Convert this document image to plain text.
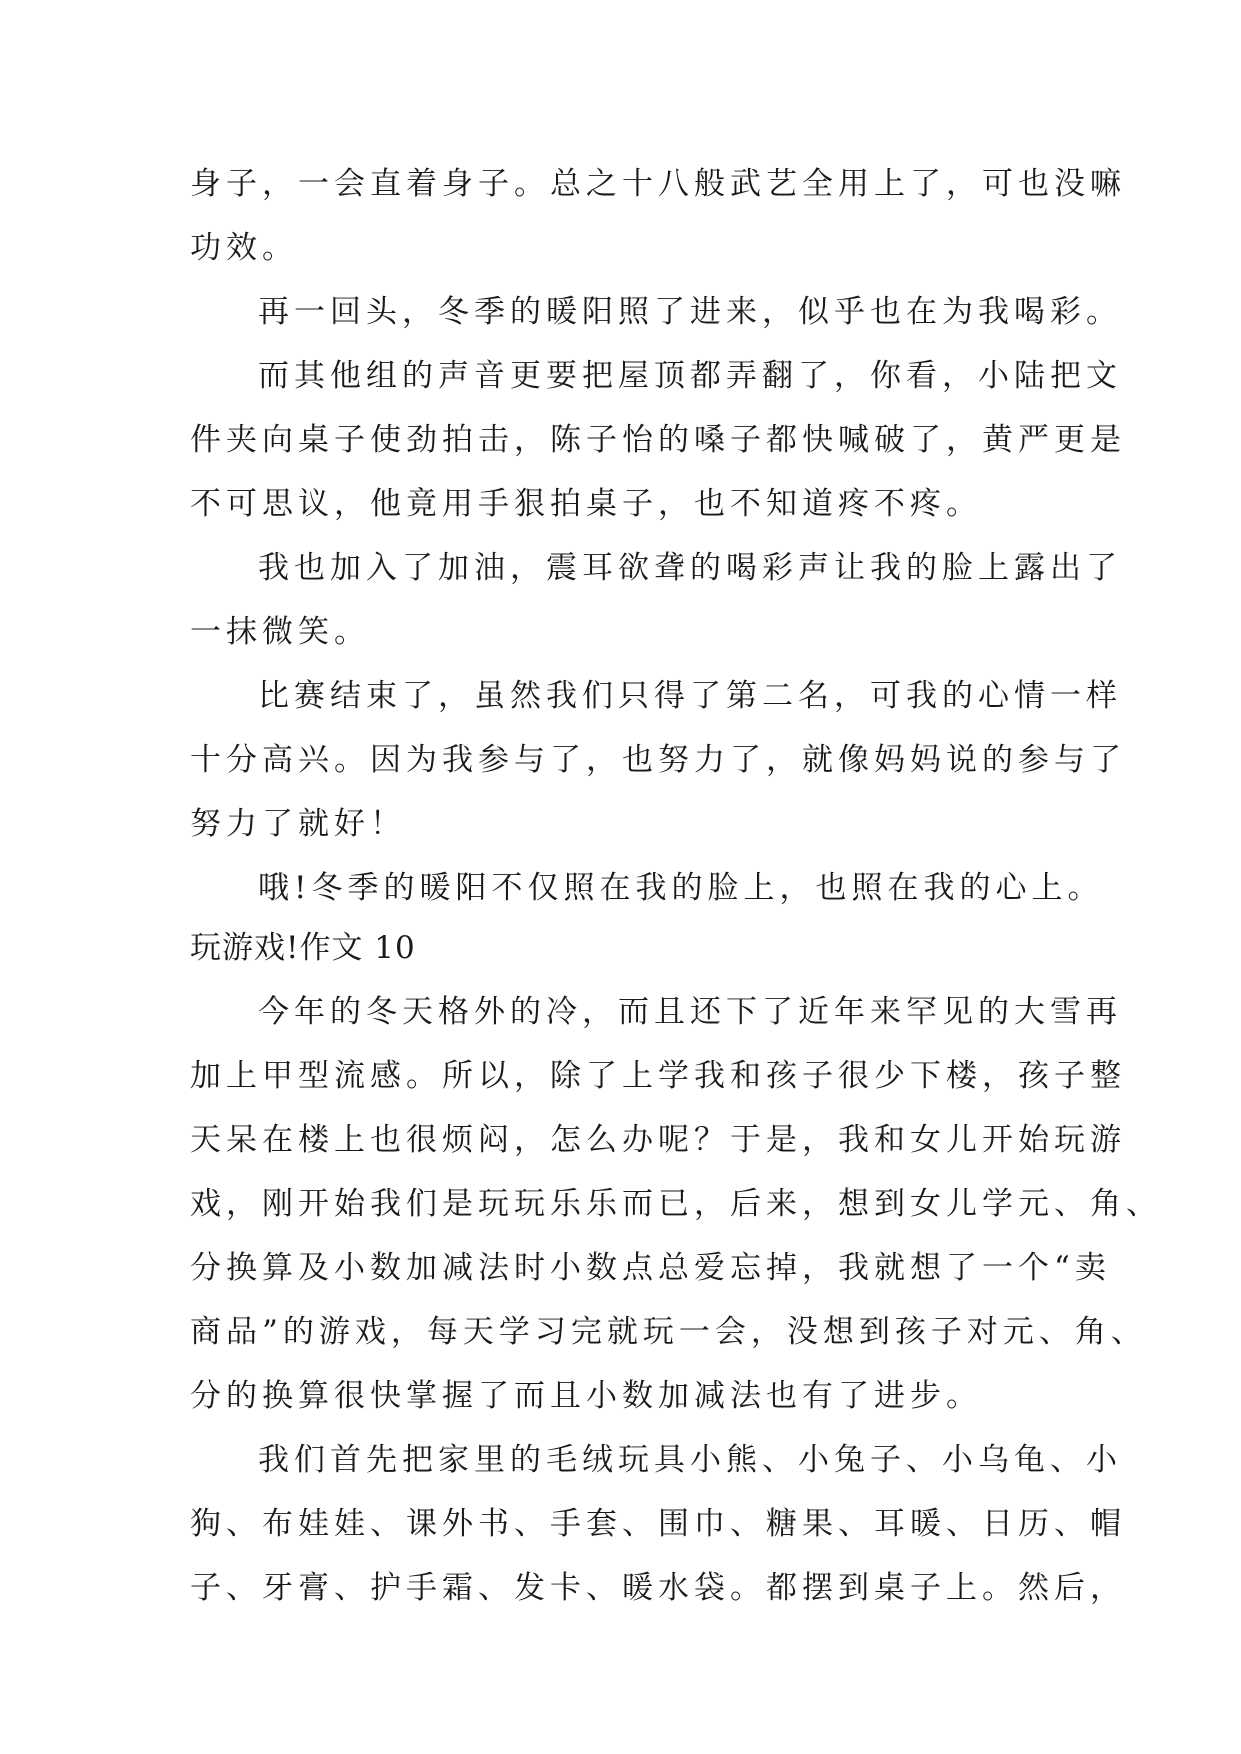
身子，一会直着身子。总之十八般武艺全用上了，可也没嘛
功效。
再一回头，冬季的暖阳照了进来，似乎也在为我喝彩。
而其他组的声音更要把屋顶都弄翻了，你看，小陆把文
件夹向桌子使劲拍击，陈子怡的嗓子都快喊破了，黄严更是
不可思议，他竟用手狠拍桌子，也不知道疼不疼。
我也加入了加油，震耳欲聋的喝彩声让我的脸上露出了
一抹微笑。
比赛结束了，虽然我们只得了第二名，可我的心情一样
十分高兴。因为我参与了，也努力了，就像妈妈说的参与了
努力了就好！
哦!冬季的暖阳不仅照在我的脸上，也照在我的心上。
玩游戏!作文 10
今年的冬天格外的冷，而且还下了近年来罕见的大雪再
加上甲型流感。所以，除了上学我和孩子很少下楼，孩子整
天呆在楼上也很烦闷，怎么办呢？于是，我和女儿开始玩游
戏，刚开始我们是玩玩乐乐而已，后来，想到女儿学元、角、
分换算及小数加减法时小数点总爱忘掉，我就想了一个“卖
商品”的游戏，每天学习完就玩一会，没想到孩子对元、角、
分的换算很快掌握了而且小数加减法也有了进步。
我们首先把家里的毛绒玩具小熊、小兔子、小乌龟、小
狗、布娃娃、课外书、手套、围巾、糖果、耳暖、日历、帽
子、牙膏、护手霜、发卡、暖水袋。都摆到桌子上。然后，
